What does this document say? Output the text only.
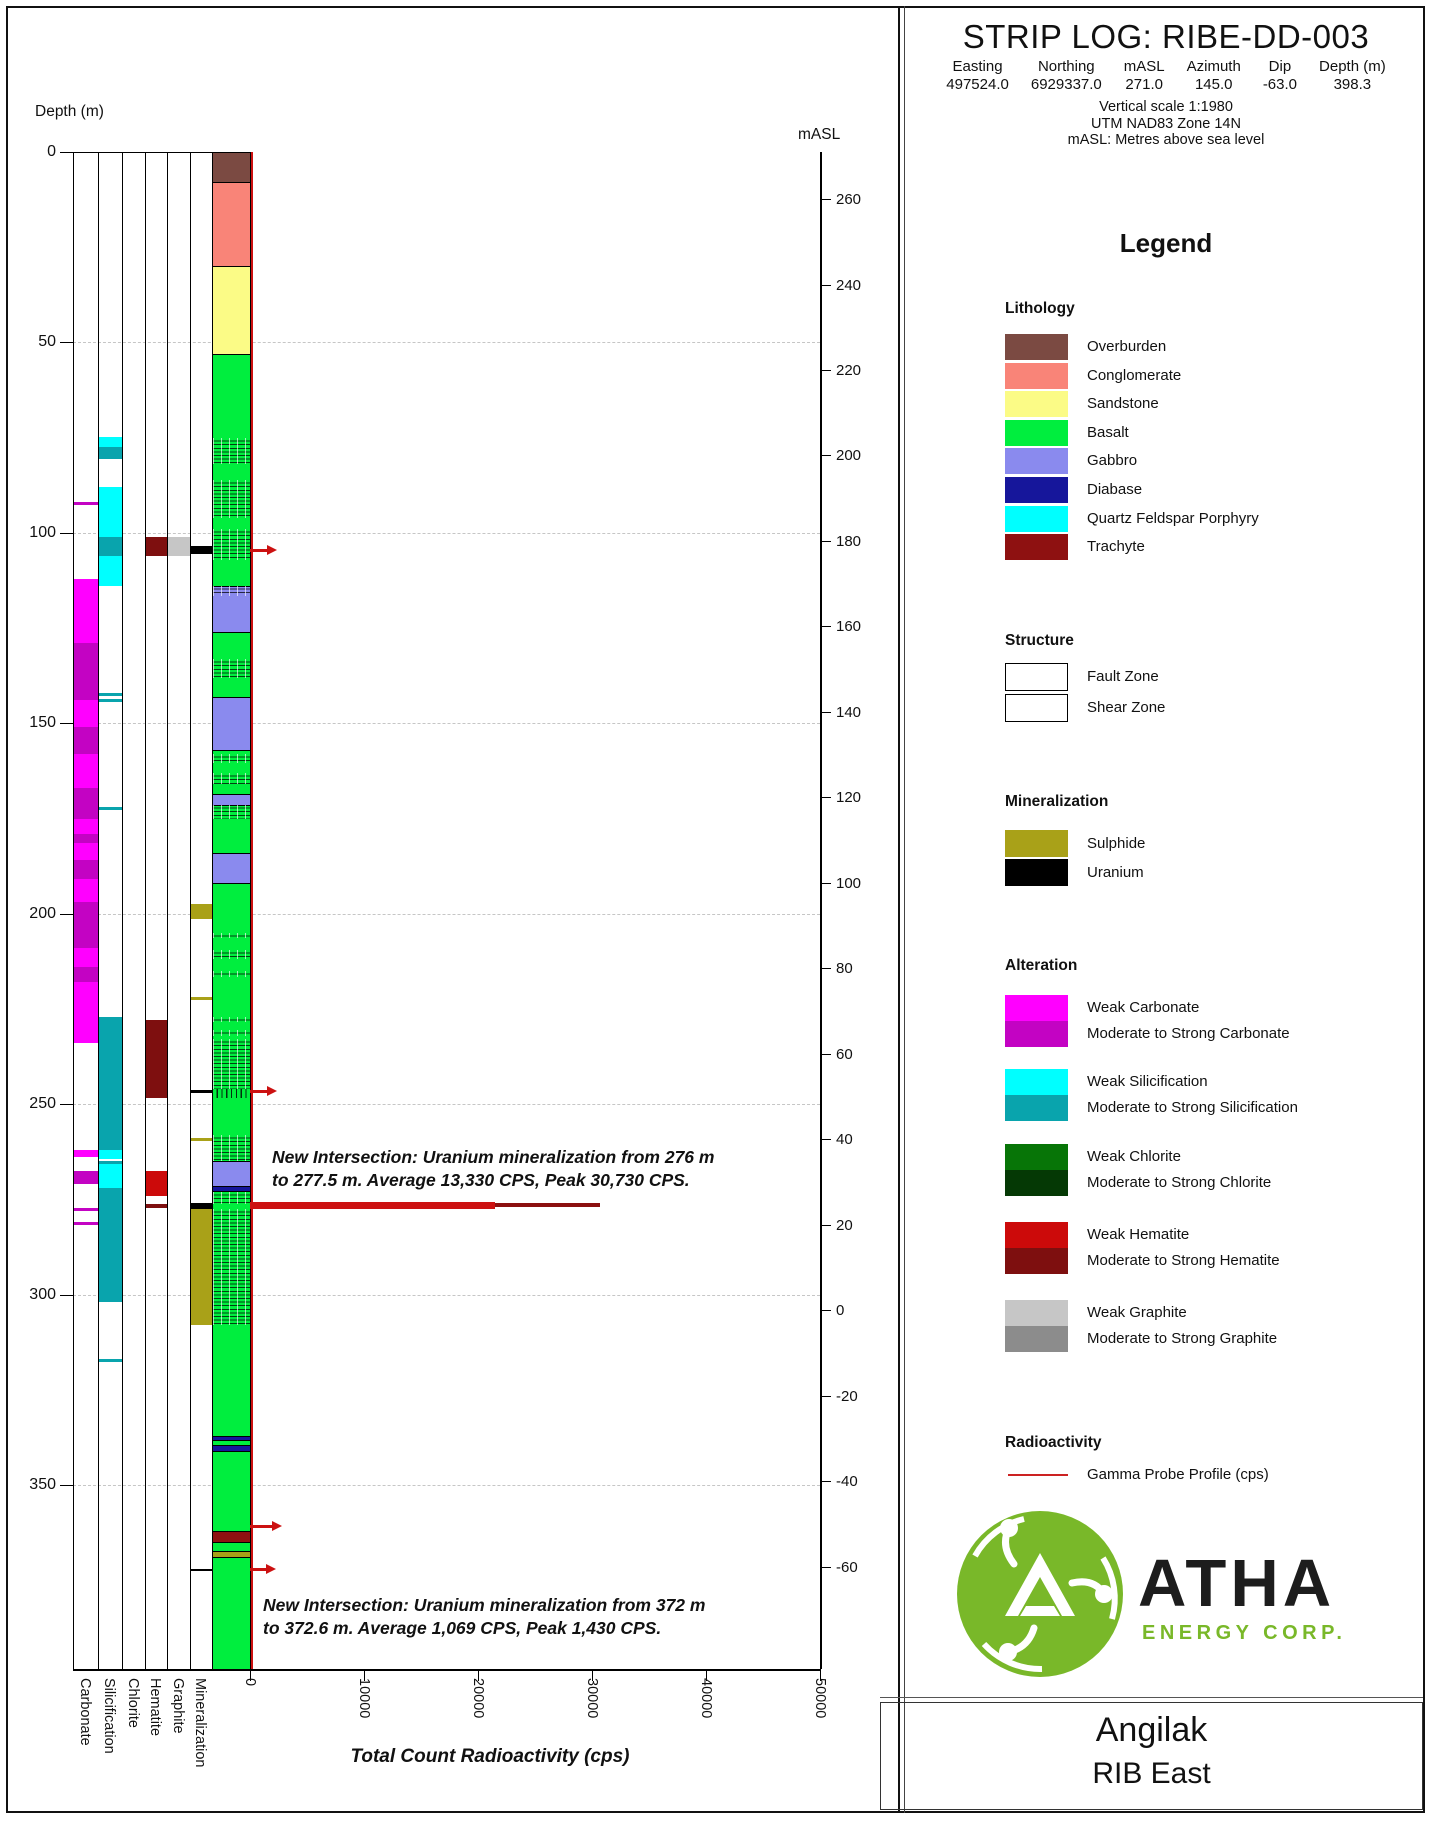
Depth (m)
mASL
Total Count Radioactivity (cps)
STRIP LOG: RIBE-DD-003
Easting
497524.0
Northing
6929337.0
mASL
271.0
Azimuth
145.0
Dip
-63.0
Depth (m)
398.3
Vertical scale 1:1980
UTM NAD83 Zone 14N
mASL: Metres above sea level
Legend
Lithology
Structure
Mineralization
Alteration
Radioactivity
ATHA
ENERGY CORP.
Angilak
RIB East
0
50
100
150
200
250
300
350
260
240
220
200
180
160
140
120
100
80
60
40
20
0
-20
-40
-60
0	10000	20000	30000	40000	50000
Carbonate Silicification Chlorite Hematite Graphite Mineralization
New Intersection: Uranium mineralization from 276 m
to 277.5 m. Average 13,330 CPS, Peak 30,730 CPS.
New Intersection: Uranium mineralization from 372 m
to 372.6 m. Average 1,069 CPS, Peak 1,430 CPS.
Overburden
Conglomerate
Sandstone
Basalt
Gabbro
Diabase
Quartz Feldspar Porphyry
Trachyte
Fault Zone
Shear Zone
Sulphide
Uranium
Weak Carbonate
Moderate to Strong Carbonate
Weak Silicification
Moderate to Strong Silicification
Weak Chlorite
Moderate to Strong Chlorite
Weak Hematite
Moderate to Strong Hematite
Weak Graphite
Moderate to Strong Graphite
Gamma Probe Profile (cps)
